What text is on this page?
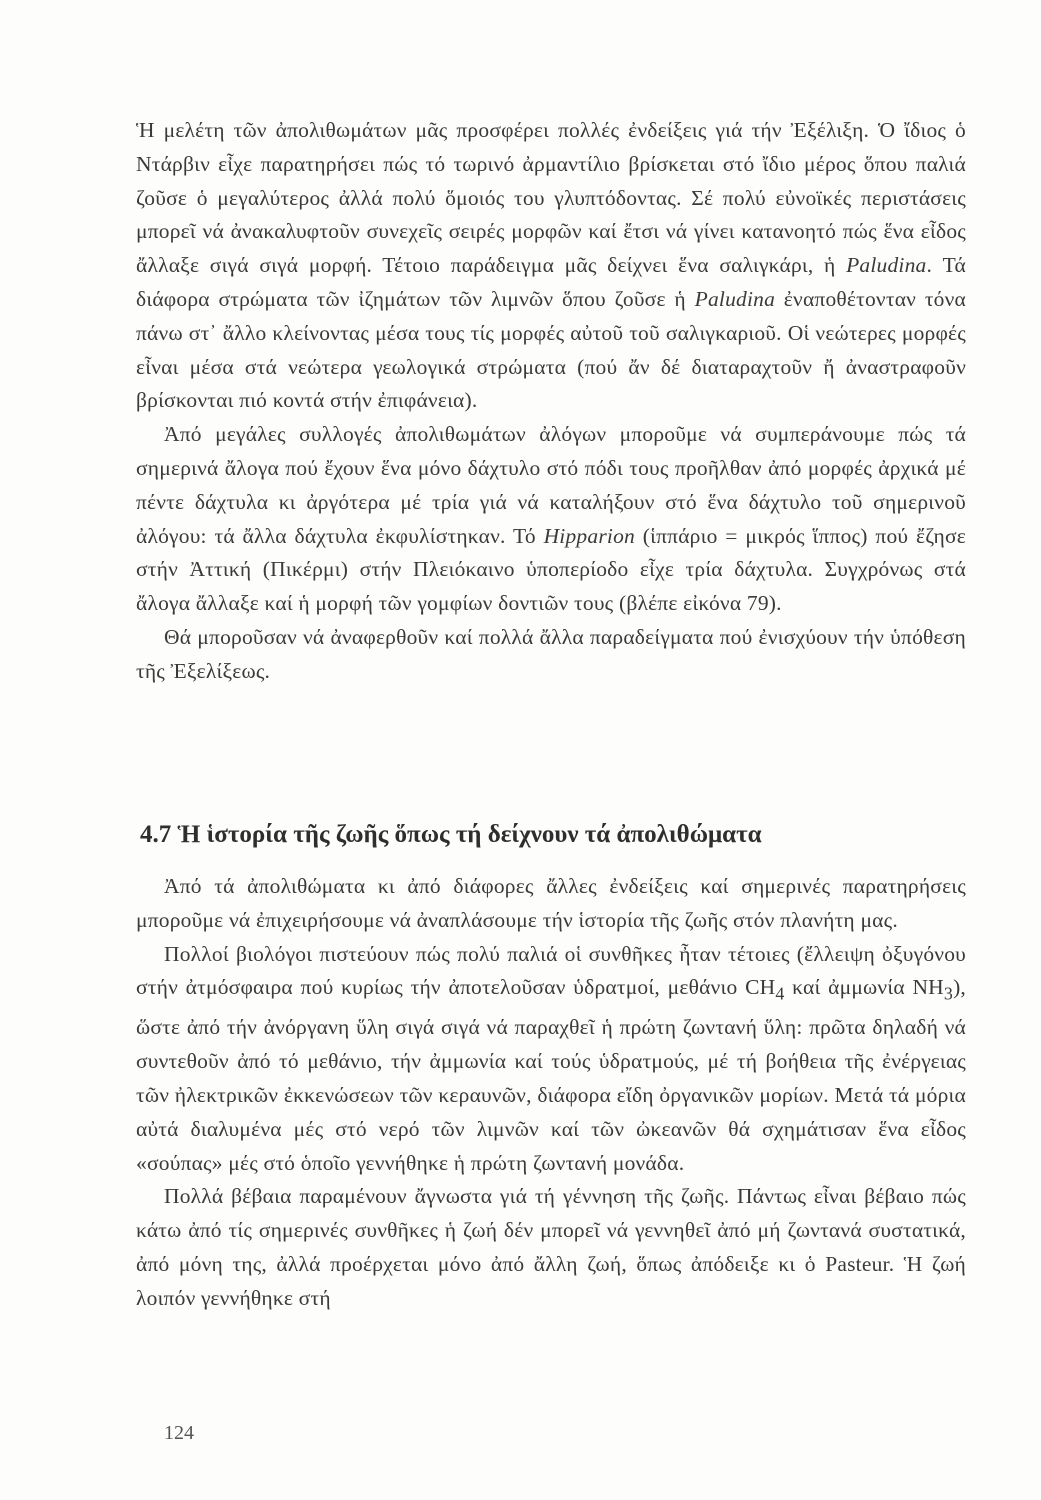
Ἡ μελέτη τῶν ἀπολιθωμάτων μᾶς προσφέρει πολλές ἐνδείξεις γιά τήν Ἐξέλιξη. Ὁ ἴδιος ὁ Ντάρβιν εἶχε παρατηρήσει πώς τό τωρινό ἀρμαντίλιο βρίσκεται στό ἴδιο μέρος ὅπου παλιά ζοῦσε ὁ μεγαλύτερος ἀλλά πολύ ὅμοιός του γλυπτόδοντας. Σέ πολύ εὐνοϊκές περιστάσεις μπορεῖ νά ἀνακαλυφτοῦν συνεχεῖς σειρές μορφῶν καί ἔτσι νά γίνει κατανοητό πώς ἕνα εἶδος ἄλλαξε σιγά σιγά μορφή. Τέτοιο παράδειγμα μᾶς δείχνει ἕνα σαλιγκάρι, ἡ Paludina. Τά διάφορα στρώματα τῶν ἰζημάτων τῶν λιμνῶν ὅπου ζοῦσε ἡ Paludina ἐναποθέτονταν τόνα πάνω στ᾽ ἄλλο κλείνοντας μέσα τους τίς μορφές αὐτοῦ τοῦ σαλιγκαριοῦ. Οἱ νεώτερες μορφές εἶναι μέσα στά νεώτερα γεωλογικά στρώματα (πού ἄν δέ διαταραχτοῦν ἤ ἀναστραφοῦν βρίσκονται πιό κοντά στήν ἐπιφάνεια).

Ἀπό μεγάλες συλλογές ἀπολιθωμάτων ἀλόγων μποροῦμε νά συμπεράνουμε πώς τά σημερινά ἄλογα πού ἔχουν ἕνα μόνο δάχτυλο στό πόδι τους προῆλθαν ἀπό μορφές ἀρχικά μέ πέντε δάχτυλα κι ἀργότερα μέ τρία γιά νά καταλήξουν στό ἕνα δάχτυλο τοῦ σημερινοῦ ἀλόγου: τά ἄλλα δάχτυλα ἐκφυλίστηκαν. Τό Hipparion (ἱππάριο = μικρός ἵππος) πού ἔζησε στήν Ἀττική (Πικέρμι) στήν Πλειόκαινο ὑποπερίοδο εἶχε τρία δάχτυλα. Συγχρόνως στά ἄλογα ἄλλαξε καί ἡ μορφή τῶν γομφίων δοντιῶν τους (βλέπε εἰκόνα 79).

Θά μποροῦσαν νά ἀναφερθοῦν καί πολλά ἄλλα παραδείγματα πού ἐνισχύουν τήν ὑπόθεση τῆς Ἐξελίξεως.

4.7 Ἡ ἱστορία τῆς ζωῆς ὅπως τή δείχνουν τά ἀπολιθώματα

Ἀπό τά ἀπολιθώματα κι ἀπό διάφορες ἄλλες ἐνδείξεις καί σημερινές παρατηρήσεις μποροῦμε νά ἐπιχειρήσουμε νά ἀναπλάσουμε τήν ἱστορία τῆς ζωῆς στόν πλανήτη μας.

Πολλοί βιολόγοι πιστεύουν πώς πολύ παλιά οἱ συνθῆκες ἦταν τέτοιες (ἔλλειψη ὀξυγόνου στήν ἀτμόσφαιρα πού κυρίως τήν ἀποτελοῦσαν ὑδρατμοί, μεθάνιο $CH_4$ καί ἀμμωνία $NH_3$), ὥστε ἀπό τήν ἀνόργανη ὕλη σιγά σιγά νά παραχθεῖ ἡ πρώτη ζωντανή ὕλη: πρῶτα δηλαδή νά συντεθοῦν ἀπό τό μεθάνιο, τήν ἀμμωνία καί τούς ὑδρατμούς, μέ τή βοήθεια τῆς ἐνέργειας τῶν ἠλεκτρικῶν ἐκκενώσεων τῶν κεραυνῶν, διάφορα εἴδη ὀργανικῶν μορίων. Μετά τά μόρια αὐτά διαλυμένα μές στό νερό τῶν λιμνῶν καί τῶν ὠκεανῶν θά σχημάτισαν ἕνα εἶδος «σούπας» μές στό ὁποῖο γεννήθηκε ἡ πρώτη ζωντανή μονάδα.

Πολλά βέβαια παραμένουν ἄγνωστα γιά τή γέννηση τῆς ζωῆς. Πάντως εἶναι βέβαιο πώς κάτω ἀπό τίς σημερινές συνθῆκες ἡ ζωή δέν μπορεῖ νά γεννηθεῖ ἀπό μή ζωντανά συστατικά, ἀπό μόνη της, ἀλλά προέρχεται μόνο ἀπό ἄλλη ζωή, ὅπως ἀπόδειξε κι ὁ Pasteur. Ἡ ζωή λοιπόν γεννήθηκε στή

124
